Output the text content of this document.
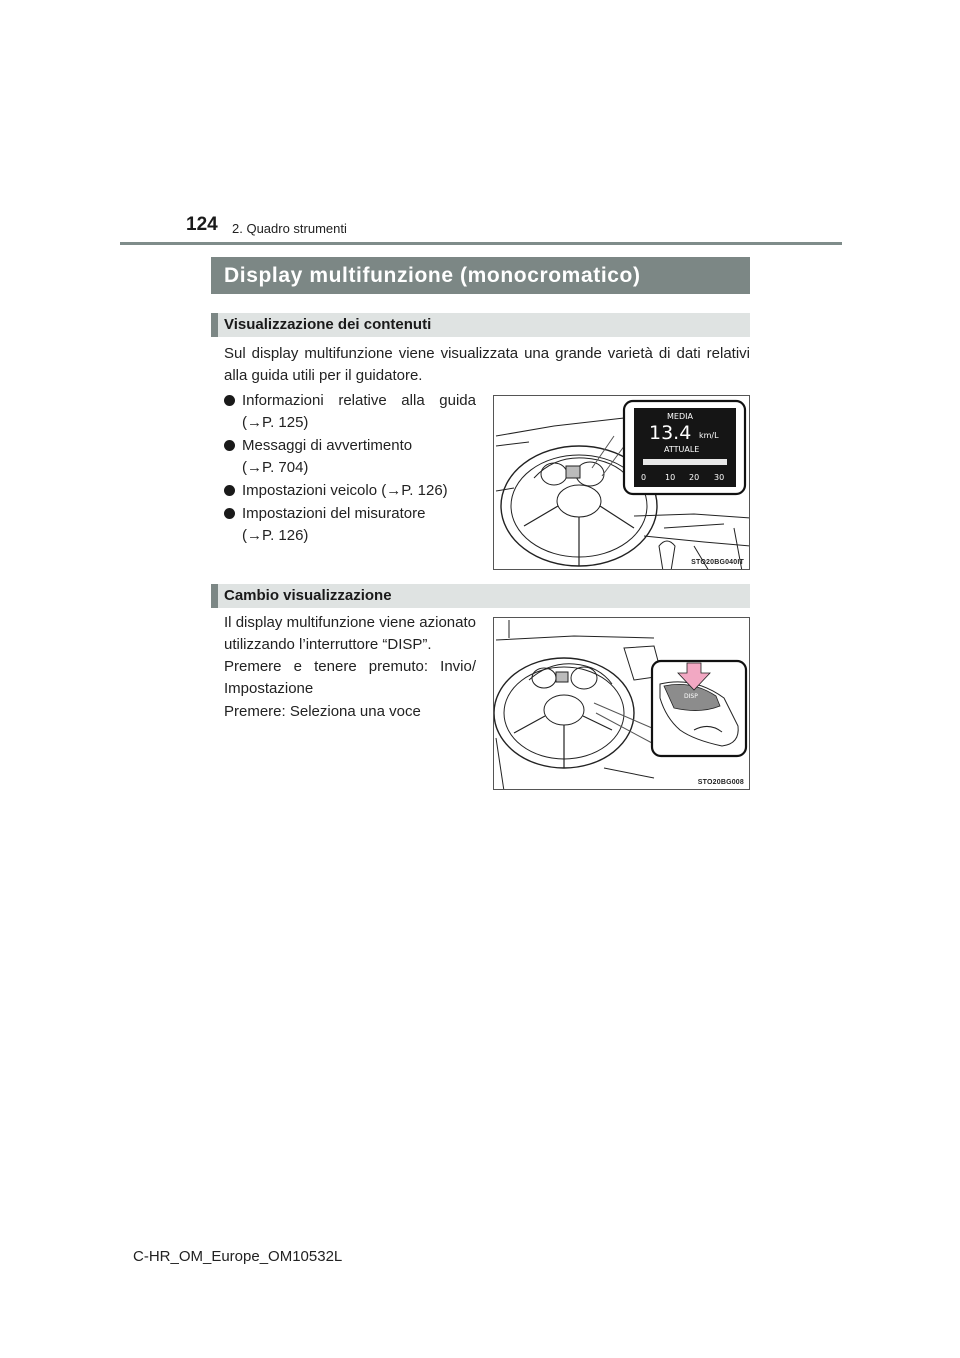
124 2. Quadro strumenti
Display multifunzione (monocromatico)
Visualizzazione dei contenuti
Sul display multifunzione viene visualizzata una grande varietà di dati relativi alla guida utili per il guidatore.
Informazioni relative alla guida
(→P. 125)
Messaggi di avvertimento
(→P. 704)
Impostazioni veicolo (→P. 126)
Impostazioni del misuratore
(→P. 126)
MEDIA
13.4 km/L
ATTUALE
0 10 20 30
STO20BG040IT
Cambio visualizzazione
Il display multifunzione viene azionato utilizzando l’interruttore “DISP”.
Premere e tenere premuto: Invio/ Impostazione
Premere: Seleziona una voce
DISP
STO20BG008
C-HR_OM_Europe_OM10532L
